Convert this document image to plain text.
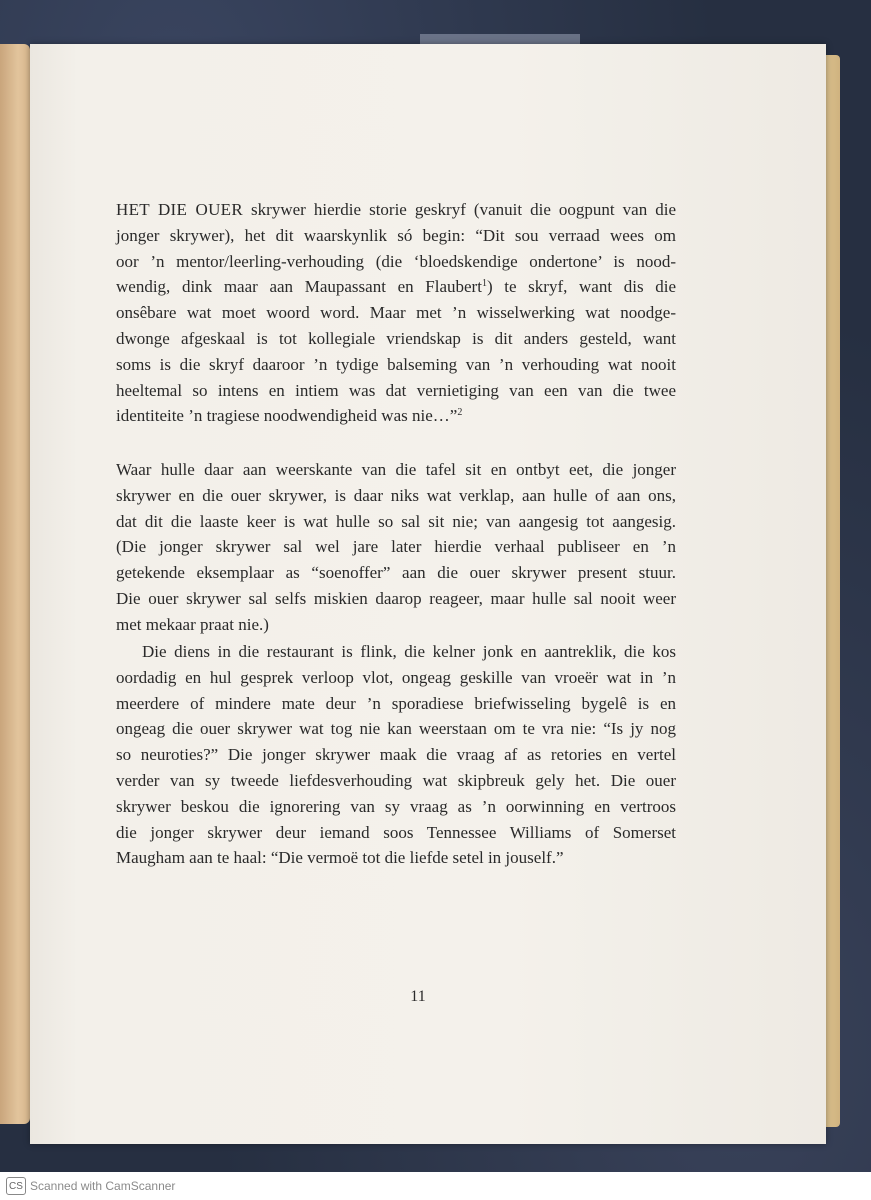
HET DIE OUER skrywer hierdie storie geskryf (vanuit die oogpunt van die
jonger skrywer), het dit waarskynlik só begin: “Dit sou verraad wees om
oor ’n mentor/leerling-verhouding (die ‘bloedskendige ondertone’ is nood-
wendig, dink maar aan Maupassant en Flaubert$^1$) te skryf, want dis die
onsêbare wat moet woord word. Maar met ’n wisselwerking wat noodge-
dwonge afgeskaal is tot kollegiale vriendskap is dit anders gesteld, want
soms is die skryf daaroor ’n tydige balseming van ’n verhouding wat nooit
heeltemal so intens en intiem was dat vernietiging van een van die twee
identiteite ’n tragiese noodwendigheid was nie…”$^2$
Waar hulle daar aan weerskante van die tafel sit en ontbyt eet, die jonger
skrywer en die ouer skrywer, is daar niks wat verklap, aan hulle of aan ons,
dat dit die laaste keer is wat hulle so sal sit nie; van aangesig tot aangesig.
(Die jonger skrywer sal wel jare later hierdie verhaal publiseer en ’n
getekende eksemplaar as “soenoffer” aan die ouer skrywer present stuur.
Die ouer skrywer sal selfs miskien daarop reageer, maar hulle sal nooit weer
met mekaar praat nie.)
Die diens in die restaurant is flink, die kelner jonk en aantreklik, die kos
oordadig en hul gesprek verloop vlot, ongeag geskille van vroeër wat in ’n
meerdere of mindere mate deur ’n sporadiese briefwisseling bygelê is en
ongeag die ouer skrywer wat tog nie kan weerstaan om te vra nie: “Is jy nog
so neuroties?” Die jonger skrywer maak die vraag af as retories en vertel
verder van sy tweede liefdesverhouding wat skipbreuk gely het. Die ouer
skrywer beskou die ignorering van sy vraag as ’n oorwinning en vertroos
die jonger skrywer deur iemand soos Tennessee Williams of Somerset
Maugham aan te haal: “Die vermoë tot die liefde setel in jouself.”
11
CS Scanned with CamScanner
